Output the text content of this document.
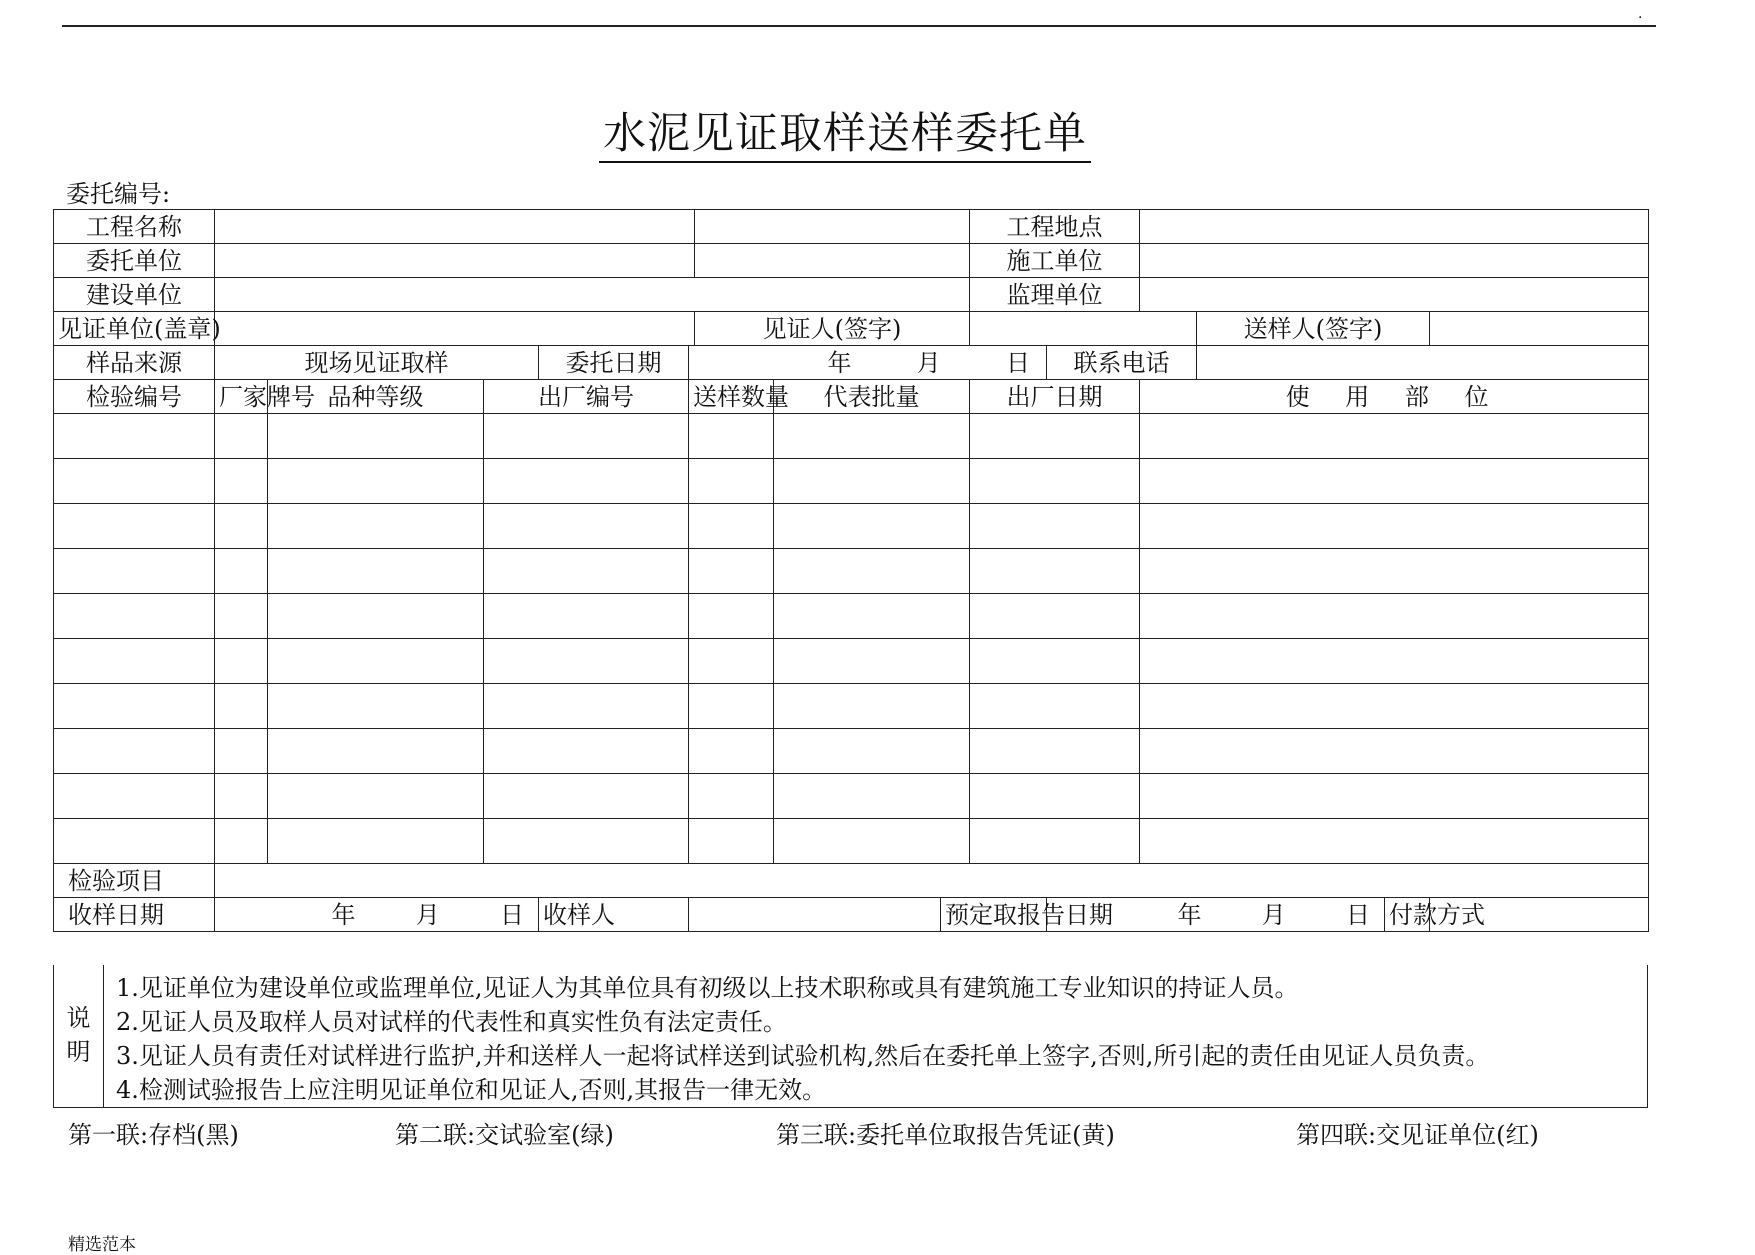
.
水泥见证取样送样委托单
委托编号:
工程名称									工程地点					
委托单位									施工单位					
建设单位									监理单位					
见证单位(盖章)						见证人(签字)						送样人(签字)		
样品来源	现场见证取样			委托日期	年 月 日					联系电话				
检验编号	厂家牌号	品种等级	出厂编号		送样数量		代表批量		出厂日期		使 用 部 位			

检验项目														
收样日期	年 月 日			收样人				预定取报告日期		年 月 日			付款方式	
说
明
1.见证单位为建设单位或监理单位,见证人为其单位具有初级以上技术职称或具有建筑施工专业知识的持证人员。
2.见证人员及取样人员对试样的代表性和真实性负有法定责任。
3.见证人员有责任对试样进行监护,并和送样人一起将试样送到试验机构,然后在委托单上签字,否则,所引起的责任由见证人员负责。
4.检测试验报告上应注明见证单位和见证人,否则,其报告一律无效。
第一联:存档(黑)	第二联:交试验室(绿)	第三联:委托单位取报告凭证(黄)	第四联:交见证单位(红)
精选范本
